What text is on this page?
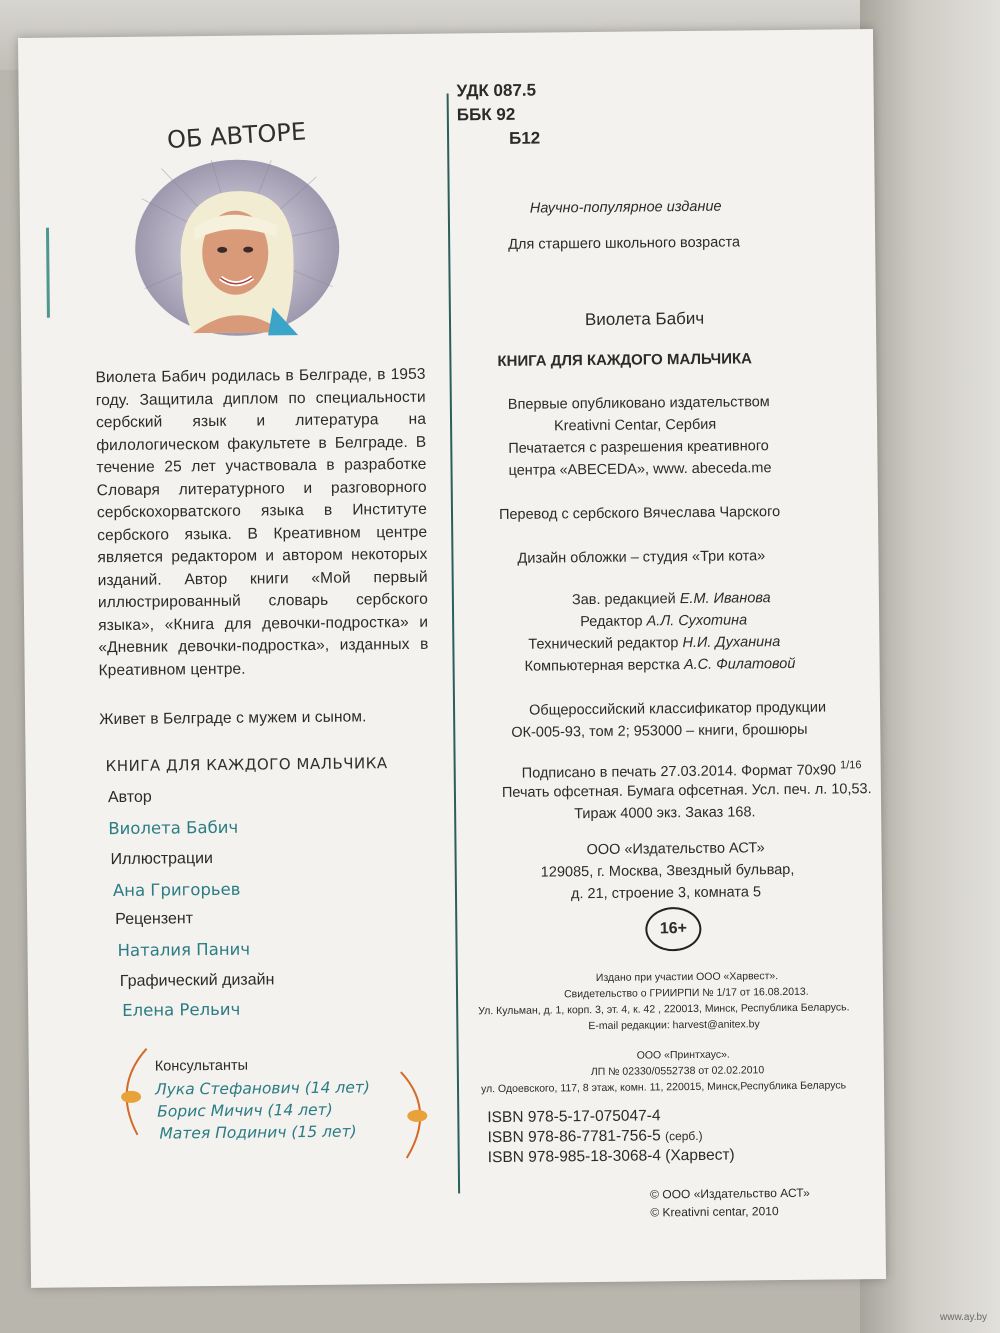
ОБ АВТОРЕ

Виолета Бабич родилась в Белграде, в 1953 году. Защитила диплом по специальности сербский язык и литература на филологическом факультете в Белграде. В течение 25 лет участвовала в разработке Словаря литературного и разговорного сербскохорватского языка в Институте сербского языка. В Креативном центре является редактором и автором некоторых изданий. Автор книги «Мой первый иллюстрированный словарь сербского языка», «Книга для девочки-подростка» и «Дневник девочки-подростка», изданных в Креативном центре.

Живет в Белграде с мужем и сыном.

КНИГА ДЛЯ КАЖДОГО МАЛЬЧИКА
Автор
Виолета Бабич
Иллюстрации
Ана Григорьев
Рецензент
Наталия Панич
Графический дизайн
Елена Рельич
Консультанты
Лука Стефанович (14 лет)
Борис Мичич (14 лет)
Матея Подинич (15 лет)
УДК 087.5
ББК 92
Б12
Научно-популярное издание
Для старшего школьного возраста
Виолета Бабич
КНИГА ДЛЯ КАЖДОГО МАЛЬЧИКА
Впервые опубликовано издательством
Kreativni Centar, Сербия
Печатается с разрешения креативного
центра «ABECEDA», www. abeceda.me
Перевод с сербского Вячеслава Чарского
Дизайн обложки – студия «Три кота»
Зав. редакцией Е.М. Иванова
Редактор А.Л. Сухотина
Технический редактор Н.И. Духанина
Компьютерная верстка А.С. Филатовой
Общероссийский классификатор продукции
ОК-005-93, том 2; 953000 – книги, брошюры
Подписано в печать 27.03.2014. Формат 70х90 $^{1/16}$
Печать офсетная. Бумага офсетная. Усл. печ. л. 10,53.
Тираж 4000 экз. Заказ 168.
ООО «Издательство АСТ»
129085, г. Москва, Звездный бульвар,
д. 21, строение 3, комната 5
16+
Издано при участии ООО «Харвест».
Свидетельство о ГРИИРПИ № 1/17 от 16.08.2013.
Ул. Кульман, д. 1, корп. 3, эт. 4, к. 42 , 220013, Минск, Республика Беларусь.
E-mail редакции: harvest@anitex.by
ООО «Принтхаус».
ЛП № 02330/0552738 от 02.02.2010
ул. Одоевского, 117, 8 этаж, комн. 11, 220015, Минск,Республика Беларусь
ISBN 978-5-17-075047-4
ISBN 978-86-7781-756-5 (серб.)
ISBN 978-985-18-3068-4 (Харвест)
© ООО «Издательство АСТ»
© Kreativni centar, 2010
www.ay.by
